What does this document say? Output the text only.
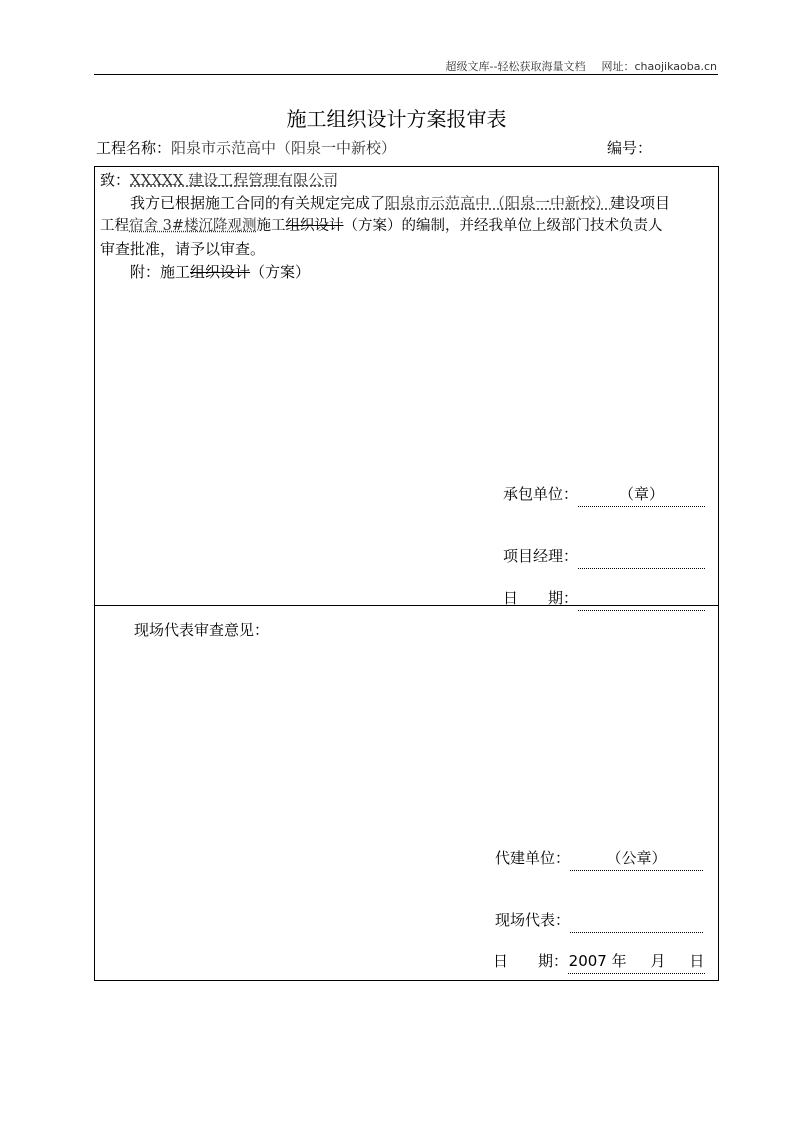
超级文库--轻松获取海量文档 网址：chaojikaoba.cn
施工组织设计方案报审表
工程名称：阳泉市示范高中（阳泉一中新校）	编号：
致：XXXXX 建设工程管理有限公司
我方已根据施工合同的有关规定完成了阳泉市示范高中（阳泉一中新校）建设项目
工程宿舍 3#楼沉降观测施工组织设计（方案）的编制，并经我单位上级部门技术负责人
审查批准，请予以审查。
附：施工组织设计（方案）
承包单位：	（章）
项目经理：
日　　期：
现场代表审查意见：
代建单位： （公章）
现场代表：
日　　期：2007 年 月 日
